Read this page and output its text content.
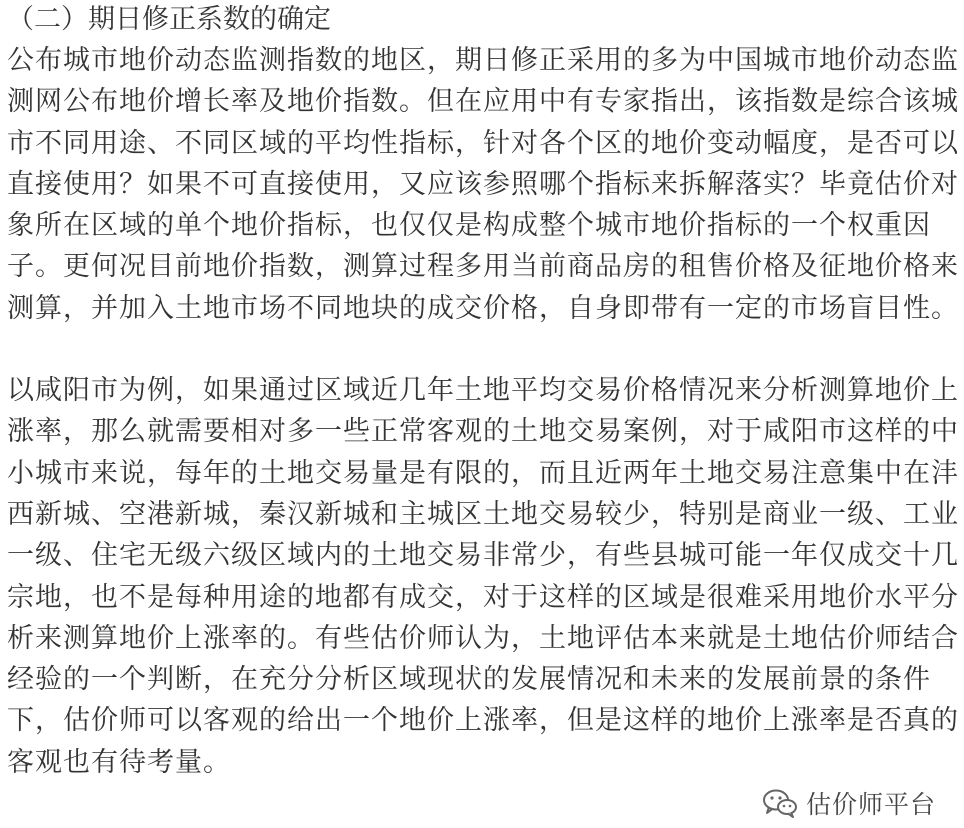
（二）期日修正系数的确定
公布城市地价动态监测指数的地区，期日修正采用的多为中国城市地价动态监
测网公布地价增长率及地价指数。但在应用中有专家指出，该指数是综合该城
市不同用途、不同区域的平均性指标，针对各个区的地价变动幅度，是否可以
直接使用？如果不可直接使用，又应该参照哪个指标来拆解落实？毕竟估价对
象所在区域的单个地价指标，也仅仅是构成整个城市地价指标的一个权重因
子。更何况目前地价指数，测算过程多用当前商品房的租售价格及征地价格来
测算，并加入土地市场不同地块的成交价格，自身即带有一定的市场盲目性。
以咸阳市为例，如果通过区域近几年土地平均交易价格情况来分析测算地价上
涨率，那么就需要相对多一些正常客观的土地交易案例，对于咸阳市这样的中
小城市来说，每年的土地交易量是有限的，而且近两年土地交易注意集中在沣
西新城、空港新城，秦汉新城和主城区土地交易较少，特别是商业一级、工业
一级、住宅无级六级区域内的土地交易非常少，有些县城可能一年仅成交十几
宗地，也不是每种用途的地都有成交，对于这样的区域是很难采用地价水平分
析来测算地价上涨率的。有些估价师认为，土地评估本来就是土地估价师结合
经验的一个判断，在充分分析区域现状的发展情况和未来的发展前景的条件
下，估价师可以客观的给出一个地价上涨率，但是这样的地价上涨率是否真的
客观也有待考量。
估价师平台
